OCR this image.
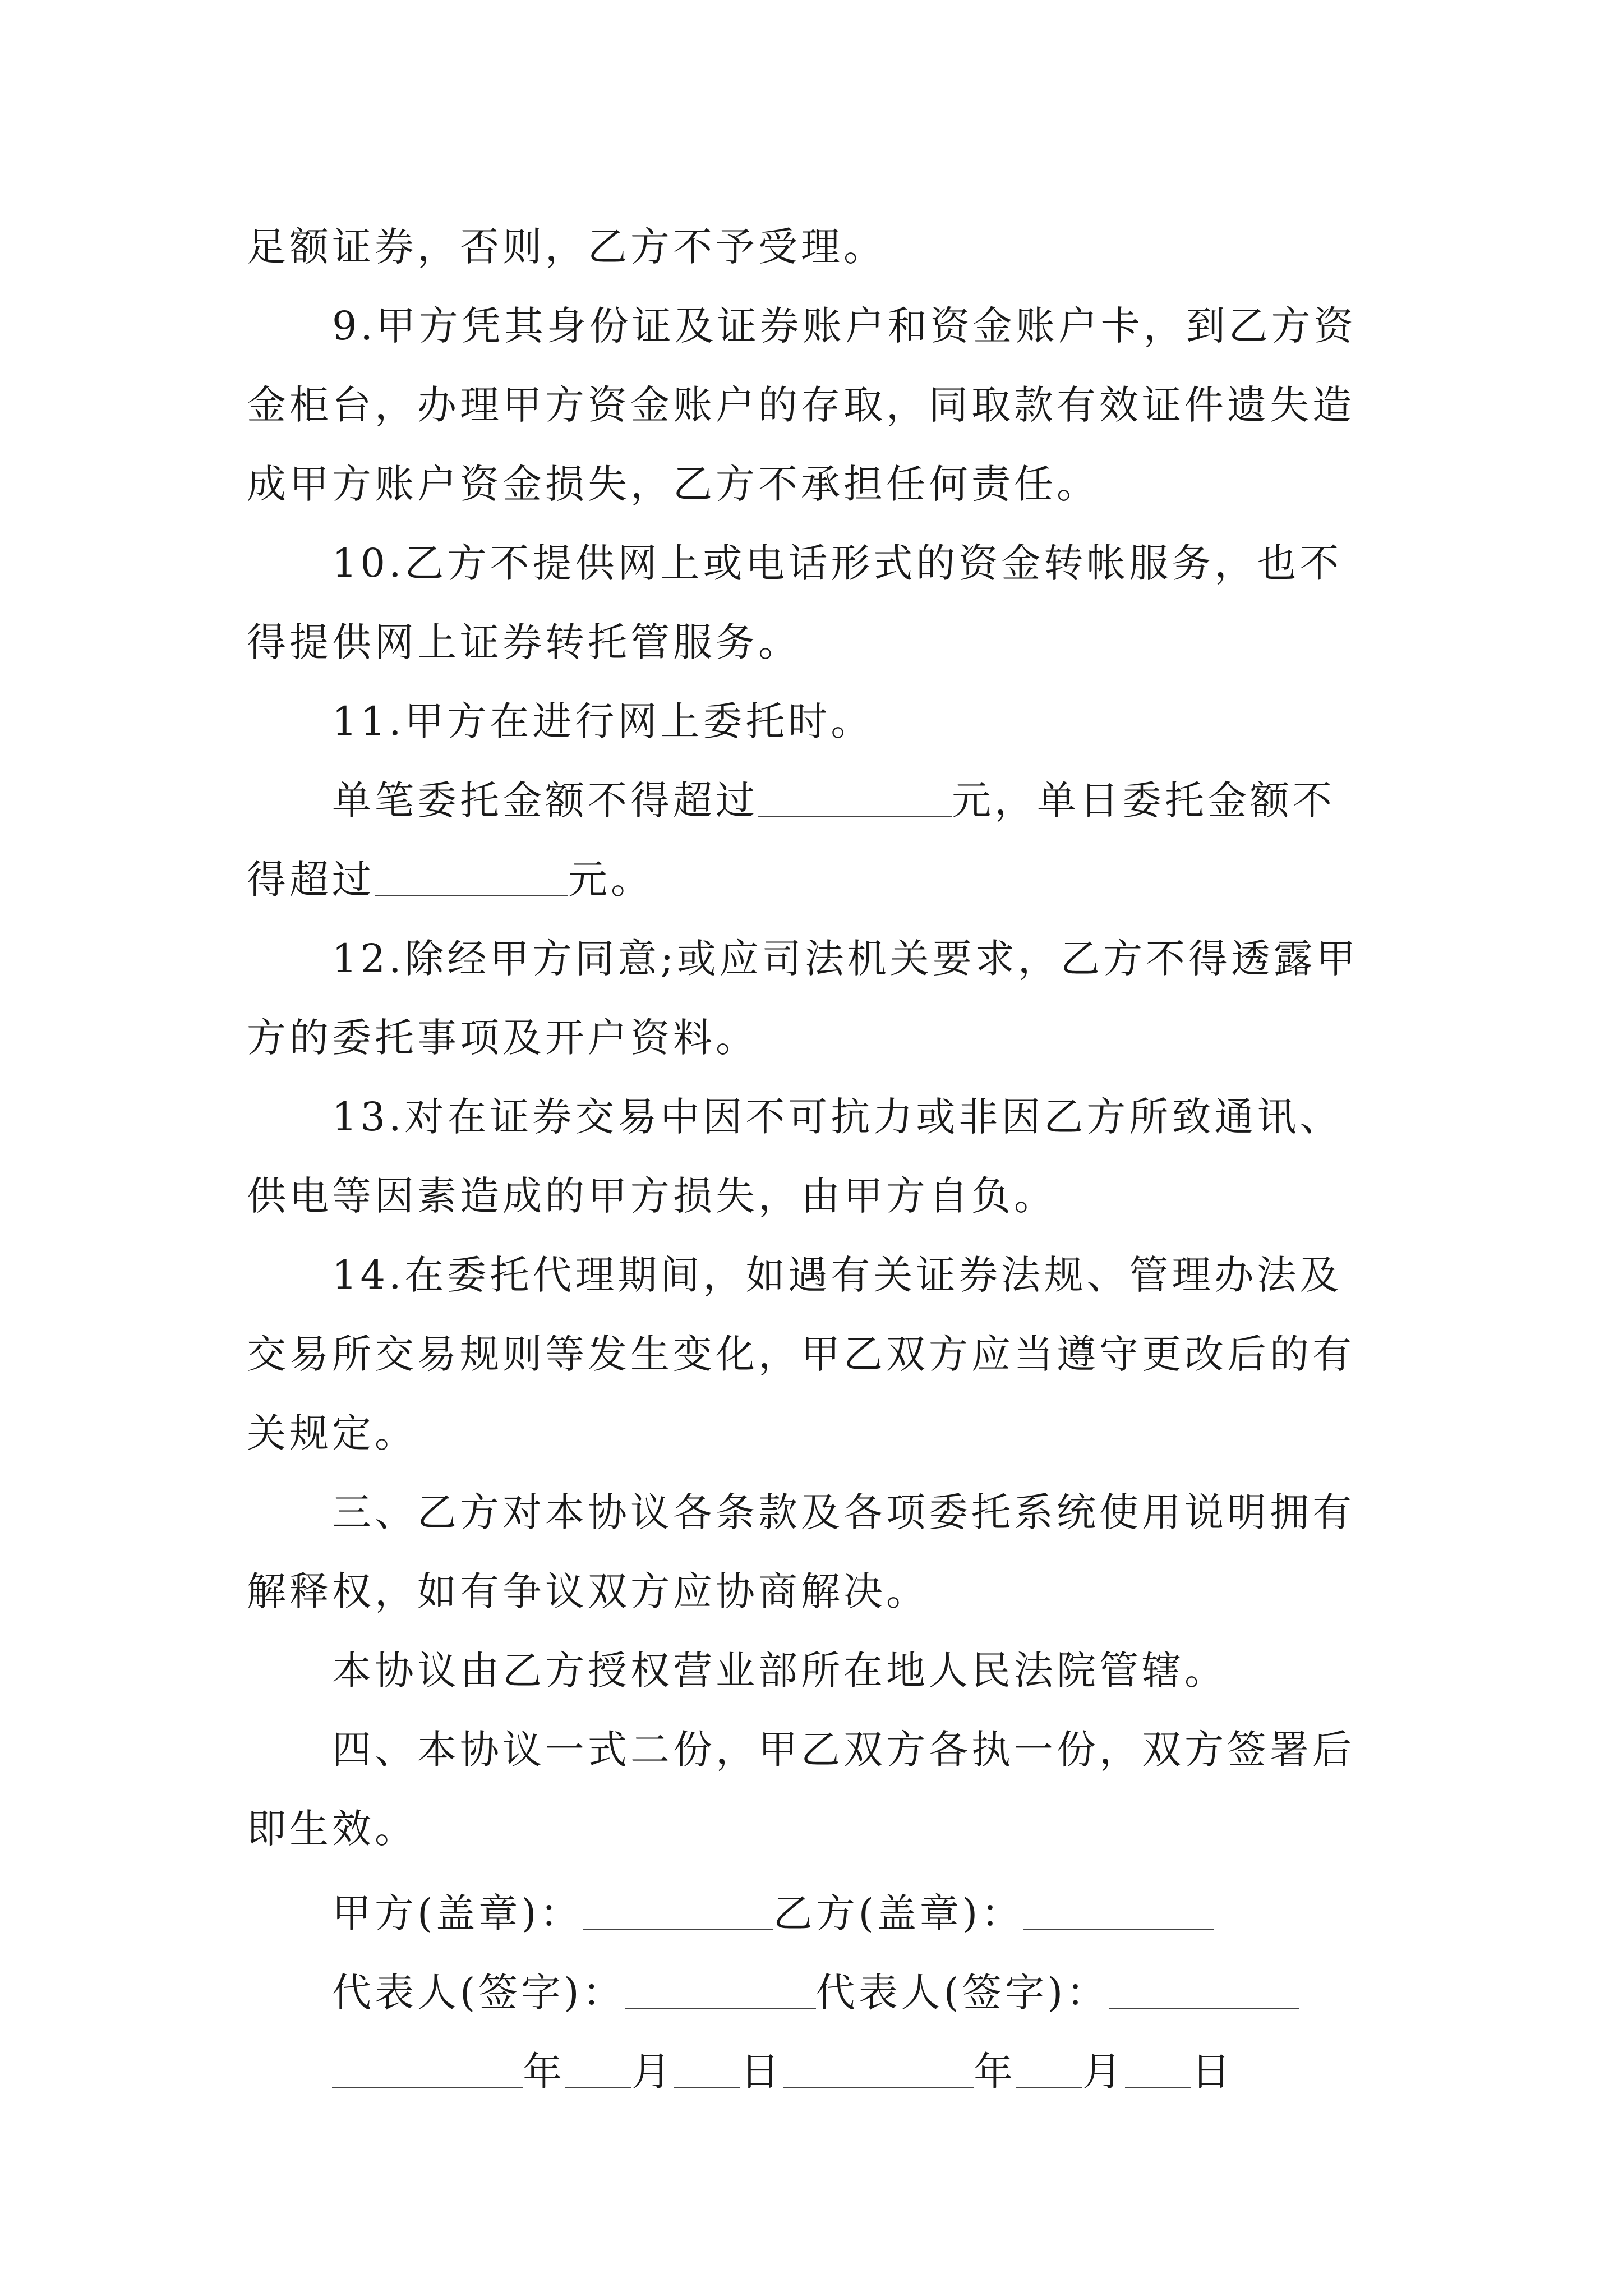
足额证券，否则，乙方不予受理。
9.甲方凭其身份证及证券账户和资金账户卡，到乙方资
金柜台，办理甲方资金账户的存取，同取款有效证件遗失造
成甲方账户资金损失，乙方不承担任何责任。
10.乙方不提供网上或电话形式的资金转帐服务，也不
得提供网上证券转托管服务。
11.甲方在进行网上委托时。
单笔委托金额不得超过	元，单日委托金额不
得超过	元。
12.除经甲方同意;或应司法机关要求，乙方不得透露甲
方的委托事项及开户资料。
13.对在证券交易中因不可抗力或非因乙方所致通讯、
供电等因素造成的甲方损失，由甲方自负。
14.在委托代理期间，如遇有关证券法规、管理办法及
交易所交易规则等发生变化，甲乙双方应当遵守更改后的有
关规定。
三、乙方对本协议各条款及各项委托系统使用说明拥有
解释权，如有争议双方应协商解决。
本协议由乙方授权营业部所在地人民法院管辖。
四、本协议一式二份，甲乙双方各执一份，双方签署后
即生效。
甲方(盖章)：	乙方(盖章)：
代表人(签字)：	代表人(签字)：
年 月 日	年 月 日
